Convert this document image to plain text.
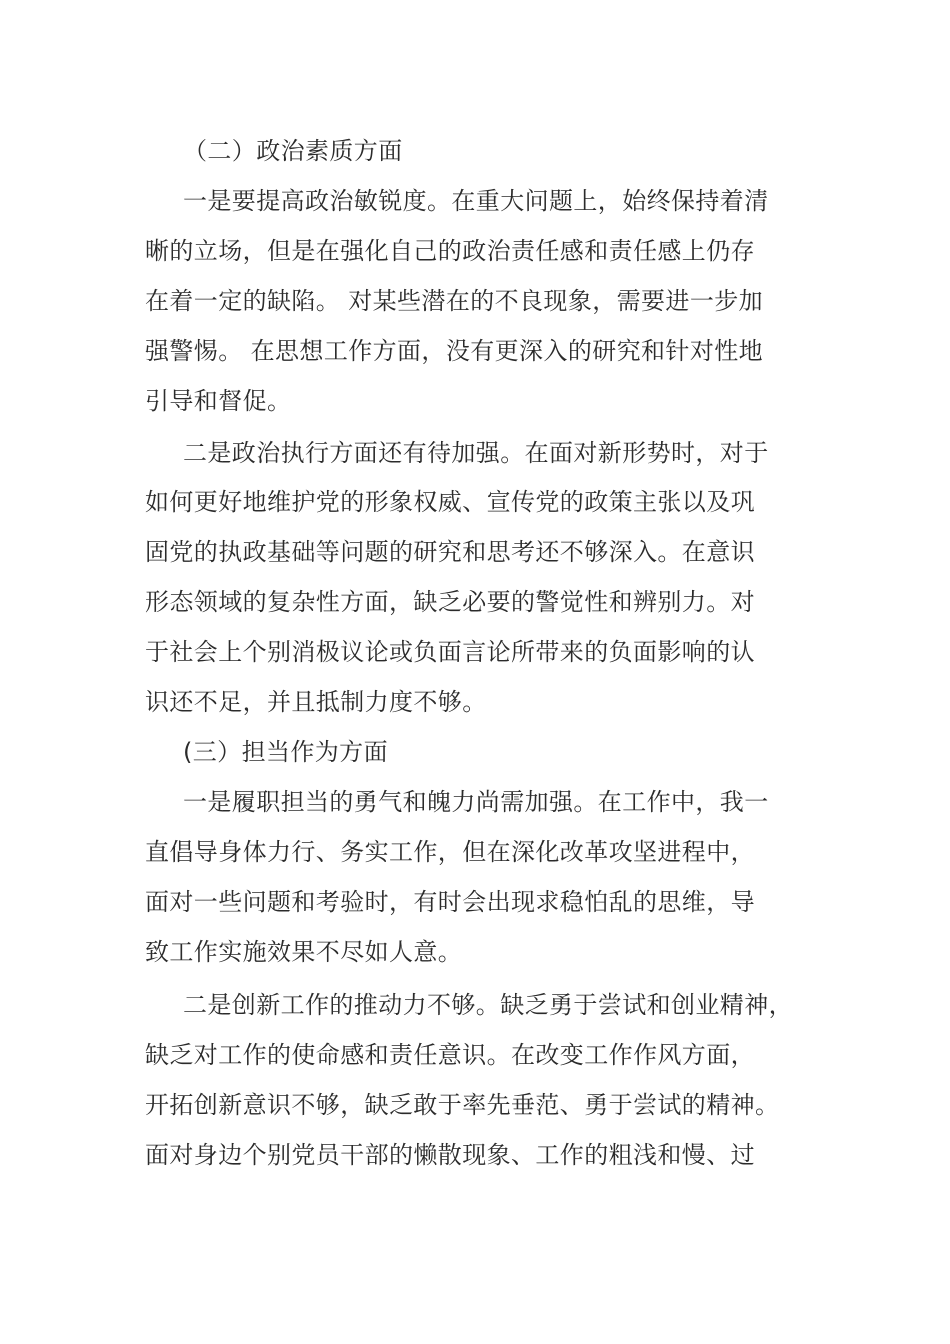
（二）政治素质方面
一是要提高政治敏锐度。在重大问题上，始终保持着清
晰的立场，但是在强化自己的政治责任感和责任感上仍存
在着一定的缺陷。 对某些潜在的不良现象，需要进一步加
强警惕。 在思想工作方面，没有更深入的研究和针对性地
引导和督促。
二是政治执行方面还有待加强。在面对新形势时，对于
如何更好地维护党的形象权威、宣传党的政策主张以及巩
固党的执政基础等问题的研究和思考还不够深入。在意识
形态领域的复杂性方面，缺乏必要的警觉性和辨别力。对
于社会上个别消极议论或负面言论所带来的负面影响的认
识还不足，并且抵制力度不够。
(三）担当作为方面
一是履职担当的勇气和魄力尚需加强。在工作中，我一
直倡导身体力行、务实工作，但在深化改革攻坚进程中，
面对一些问题和考验时，有时会出现求稳怕乱的思维，导
致工作实施效果不尽如人意。
二是创新工作的推动力不够。缺乏勇于尝试和创业精神，
缺乏对工作的使命感和责任意识。在改变工作作风方面，
开拓创新意识不够，缺乏敢于率先垂范、勇于尝试的精神。
面对身边个别党员干部的懒散现象、工作的粗浅和慢、过
